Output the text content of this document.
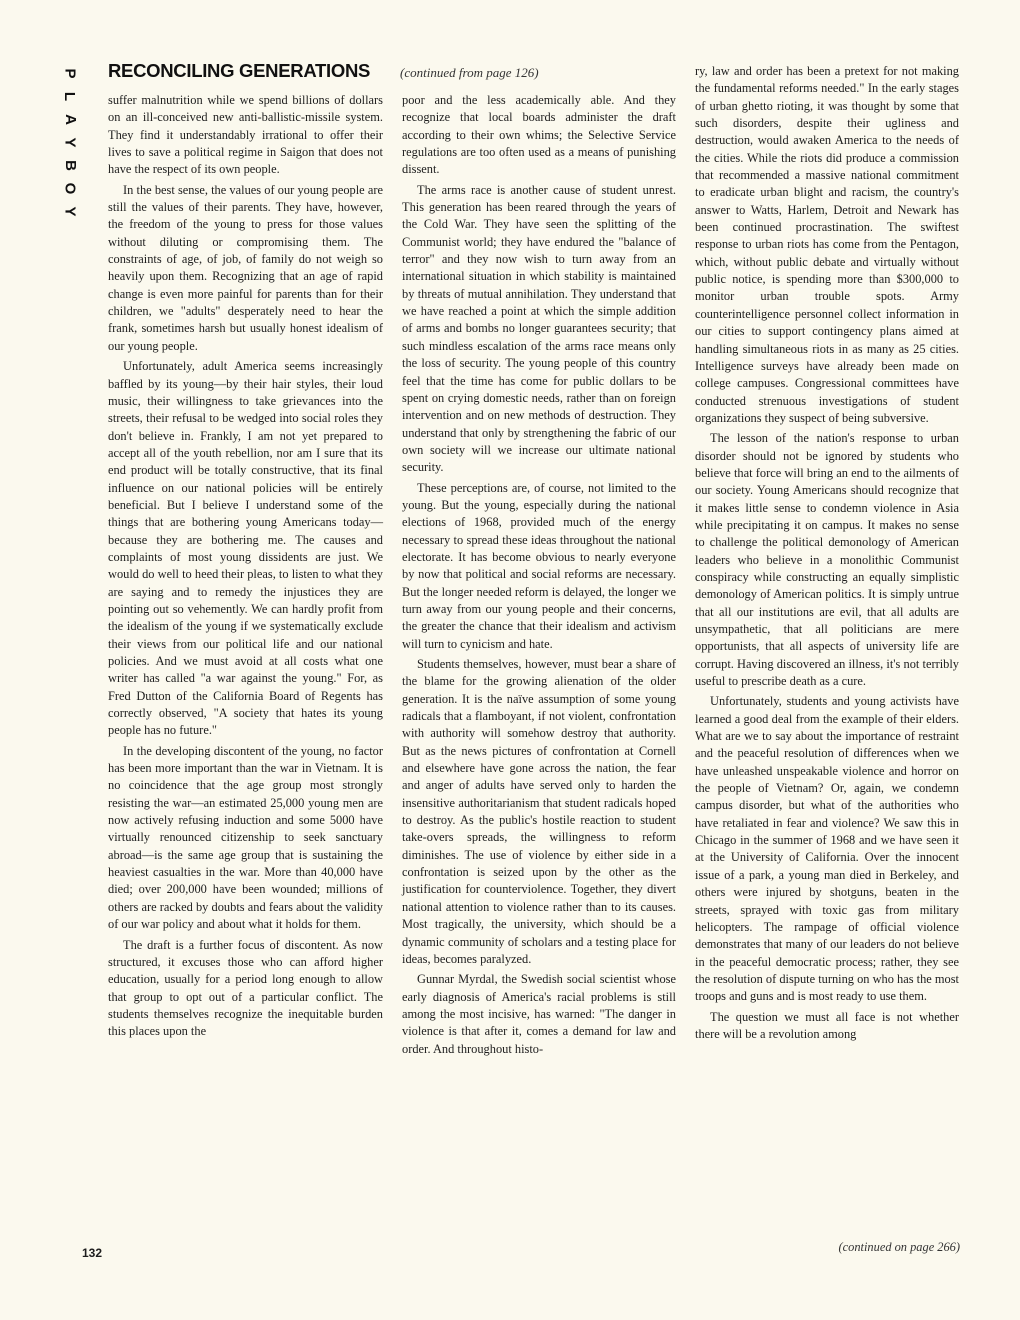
P
L
A
Y
B
O
Y
RECONCILING GENERATIONS (continued from page 126)

suffer malnutrition while we spend billions of dollars on an ill-conceived new anti-ballistic-missile system. They find it understandably irrational to offer their lives to save a political regime in Saigon that does not have the respect of its own people.

In the best sense, the values of our young people are still the values of their parents. They have, however, the freedom of the young to press for those values without diluting or compromising them. The constraints of age, of job, of family do not weigh so heavily upon them. Recognizing that an age of rapid change is even more painful for parents than for their children, we "adults" desperately need to hear the frank, sometimes harsh but usually honest idealism of our young people.

Unfortunately, adult America seems increasingly baffled by its young—by their hair styles, their loud music, their willingness to take grievances into the streets, their refusal to be wedged into social roles they don't believe in. Frankly, I am not yet prepared to accept all of the youth rebellion, nor am I sure that its end product will be totally constructive, that its final influence on our national policies will be entirely beneficial. But I believe I understand some of the things that are bothering young Americans today—because they are bothering me. The causes and complaints of most young dissidents are just. We would do well to heed their pleas, to listen to what they are saying and to remedy the injustices they are pointing out so vehemently. We can hardly profit from the idealism of the young if we systematically exclude their views from our political life and our national policies. And we must avoid at all costs what one writer has called "a war against the young." For, as Fred Dutton of the California Board of Regents has correctly observed, "A society that hates its young people has no future."

In the developing discontent of the young, no factor has been more important than the war in Vietnam. It is no coincidence that the age group most strongly resisting the war—an estimated 25,000 young men are now actively refusing induction and some 5000 have virtually renounced citizenship to seek sanctuary abroad—is the same age group that is sustaining the heaviest casualties in the war. More than 40,000 have died; over 200,000 have been wounded; millions of others are racked by doubts and fears about the validity of our war policy and about what it holds for them.

The draft is a further focus of discontent. As now structured, it excuses those who can afford higher education, usually for a period long enough to allow that group to opt out of a particular conflict. The students themselves recognize the inequitable burden this places upon the

poor and the less academically able. And they recognize that local boards administer the draft according to their own whims; the Selective Service regulations are too often used as a means of punishing dissent.

The arms race is another cause of student unrest. This generation has been reared through the years of the Cold War. They have seen the splitting of the Communist world; they have endured the "balance of terror" and they now wish to turn away from an international situation in which stability is maintained by threats of mutual annihilation. They understand that we have reached a point at which the simple addition of arms and bombs no longer guarantees security; that such mindless escalation of the arms race means only the loss of security. The young people of this country feel that the time has come for public dollars to be spent on crying domestic needs, rather than on foreign intervention and on new methods of destruction. They understand that only by strengthening the fabric of our own society will we increase our ultimate national security.

These perceptions are, of course, not limited to the young. But the young, especially during the national elections of 1968, provided much of the energy necessary to spread these ideas throughout the national electorate. It has become obvious to nearly everyone by now that political and social reforms are necessary. But the longer needed reform is delayed, the longer we turn away from our young people and their concerns, the greater the chance that their idealism and activism will turn to cynicism and hate.

Students themselves, however, must bear a share of the blame for the growing alienation of the older generation. It is the naïve assumption of some young radicals that a flamboyant, if not violent, confrontation with authority will somehow destroy that authority. But as the news pictures of confrontation at Cornell and elsewhere have gone across the nation, the fear and anger of adults have served only to harden the insensitive authoritarianism that student radicals hoped to destroy. As the public's hostile reaction to student take-overs spreads, the willingness to reform diminishes. The use of violence by either side in a confrontation is seized upon by the other as the justification for counterviolence. Together, they divert national attention to violence rather than to its causes. Most tragically, the university, which should be a dynamic community of scholars and a testing place for ideas, becomes paralyzed.

Gunnar Myrdal, the Swedish social scientist whose early diagnosis of America's racial problems is still among the most incisive, has warned: "The danger in violence is that after it, comes a demand for law and order. And throughout histo-

ry, law and order has been a pretext for not making the fundamental reforms needed." In the early stages of urban ghetto rioting, it was thought by some that such disorders, despite their ugliness and destruction, would awaken America to the needs of the cities. While the riots did produce a commission that recommended a massive national commitment to eradicate urban blight and racism, the country's answer to Watts, Harlem, Detroit and Newark has been continued procrastination. The swiftest response to urban riots has come from the Pentagon, which, without public debate and virtually without public notice, is spending more than $300,000 to monitor urban trouble spots. Army counterintelligence personnel collect information in our cities to support contingency plans aimed at handling simultaneous riots in as many as 25 cities. Intelligence surveys have already been made on college campuses. Congressional committees have conducted strenuous investigations of student organizations they suspect of being subversive.

The lesson of the nation's response to urban disorder should not be ignored by students who believe that force will bring an end to the ailments of our society. Young Americans should recognize that it makes little sense to condemn violence in Asia while precipitating it on campus. It makes no sense to challenge the political demonology of American leaders who believe in a monolithic Communist conspiracy while constructing an equally simplistic demonology of American politics. It is simply untrue that all our institutions are evil, that all adults are unsympathetic, that all politicians are mere opportunists, that all aspects of university life are corrupt. Having discovered an illness, it's not terribly useful to prescribe death as a cure.

Unfortunately, students and young activists have learned a good deal from the example of their elders. What are we to say about the importance of restraint and the peaceful resolution of differences when we have unleashed unspeakable violence and horror on the people of Vietnam? Or, again, we condemn campus disorder, but what of the authorities who have retaliated in fear and violence? We saw this in Chicago in the summer of 1968 and we have seen it at the University of California. Over the innocent issue of a park, a young man died in Berkeley, and others were injured by shotguns, beaten in the streets, sprayed with toxic gas from military helicopters. The rampage of official violence demonstrates that many of our leaders do not believe in the peaceful democratic process; rather, they see the resolution of dispute turning on who has the most troops and guns and is most ready to use them.

The question we must all face is not whether there will be a revolution among

(continued on page 266)
132
